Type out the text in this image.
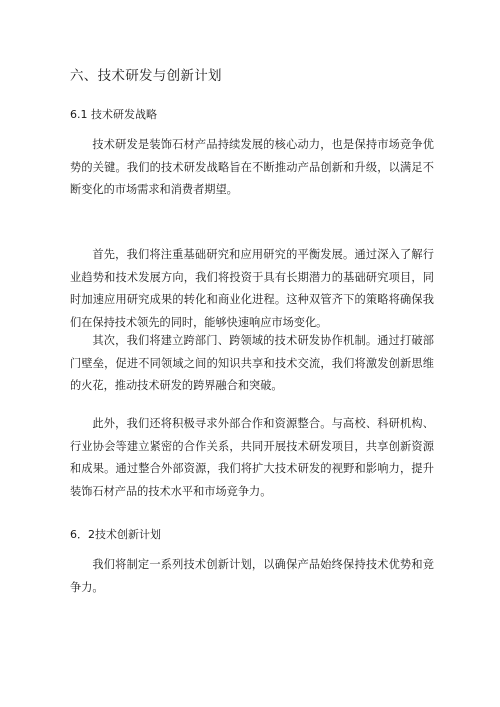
六、技术研发与创新计划
6.1 技术研发战略

技术研发是装饰石材产品持续发展的核心动力，也是保持市场竞争优势的关键。我们的技术研发战略旨在不断推动产品创新和升级，以满足不断变化的市场需求和消费者期望。

首先，我们将注重基础研究和应用研究的平衡发展。通过深入了解行业趋势和技术发展方向，我们将投资于具有长期潜力的基础研究项目，同时加速应用研究成果的转化和商业化进程。这种双管齐下的策略将确保我们在保持技术领先的同时，能够快速响应市场变化。

其次，我们将建立跨部门、跨领域的技术研发协作机制。通过打破部门壁垒，促进不同领域之间的知识共享和技术交流，我们将激发创新思维的火花，推动技术研发的跨界融合和突破。

此外，我们还将积极寻求外部合作和资源整合。与高校、科研机构、行业协会等建立紧密的合作关系，共同开展技术研发项目，共享创新资源和成果。通过整合外部资源，我们将扩大技术研发的视野和影响力，提升装饰石材产品的技术水平和市场竞争力。

6．2技术创新计划

我们将制定一系列技术创新计划，以确保产品始终保持技术优势和竞争力。
